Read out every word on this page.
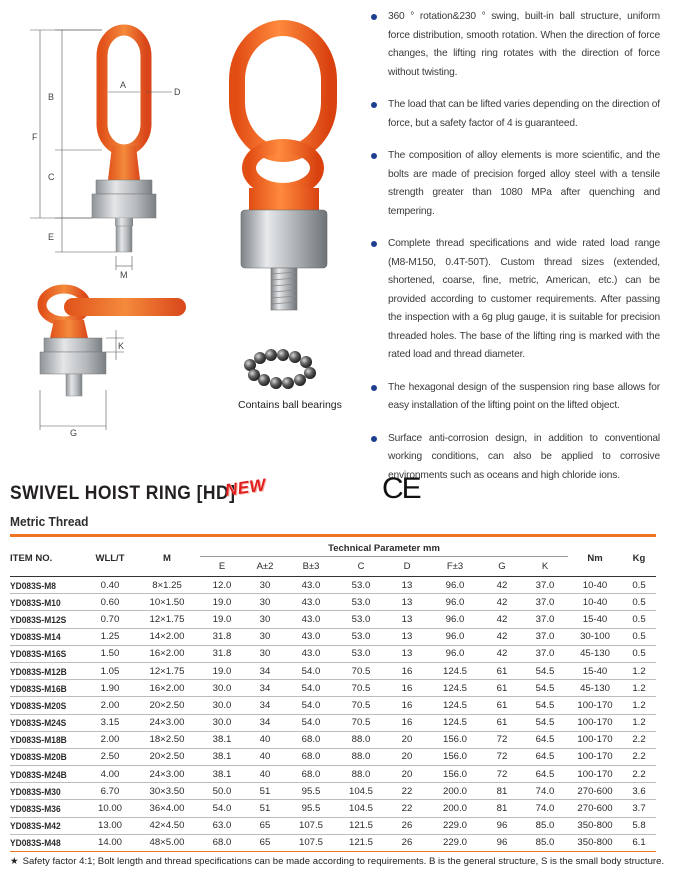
B
C
E
F
A
D
M
K
G
Contains ball bearings
360 ° rotation&230 ° swing, built-in ball structure, uniform force distribution, smooth rotation. When the direction of force changes, the lifting ring rotates with the direction of force without twisting.
The load that can be lifted varies depending on the direction of force, but a safety factor of 4 is guaranteed.
The composition of alloy elements is more scientific, and the bolts are made of precision forged alloy steel with a tensile strength greater than 1080 MPa after quenching and tempering.
Complete thread specifications and wide rated load range (M8-M150, 0.4T-50T). Custom thread sizes (extended, shortened, coarse, fine, metric, American, etc.) can be provided according to customer requirements. After passing the inspection with a 6g plug gauge, it is suitable for precision threaded holes. The base of the lifting ring is marked with the rated load and thread diameter.
The hexagonal design of the suspension ring base allows for easy installation of the lifting point on the lifted object.
Surface anti-corrosion design, in addition to conventional working conditions, can also be applied to corrosive environments such as oceans and high chloride ions.
SWIVEL HOIST RING [HD]
NEW	CE
Metric Thread
ITEM NO.	WLL/T	M	Technical Parameter mm								Nm	Kg
			E	A±2	B±3	C	D	F±3	G	K		
YD083S-M8	0.40	8×1.25	12.0	30	43.0	53.0	13	96.0	42	37.0	10-40	0.5
YD083S-M10	0.60	10×1.50	19.0	30	43.0	53.0	13	96.0	42	37.0	10-40	0.5
YD083S-M12S	0.70	12×1.75	19.0	30	43.0	53.0	13	96.0	42	37.0	15-40	0.5
YD083S-M14	1.25	14×2.00	31.8	30	43.0	53.0	13	96.0	42	37.0	30-100	0.5
YD083S-M16S	1.50	16×2.00	31.8	30	43.0	53.0	13	96.0	42	37.0	45-130	0.5
YD083S-M12B	1.05	12×1.75	19.0	34	54.0	70.5	16	124.5	61	54.5	15-40	1.2
YD083S-M16B	1.90	16×2.00	30.0	34	54.0	70.5	16	124.5	61	54.5	45-130	1.2
YD083S-M20S	2.00	20×2.50	30.0	34	54.0	70.5	16	124.5	61	54.5	100-170	1.2
YD083S-M24S	3.15	24×3.00	30.0	34	54.0	70.5	16	124.5	61	54.5	100-170	1.2
YD083S-M18B	2.00	18×2.50	38.1	40	68.0	88.0	20	156.0	72	64.5	100-170	2.2
YD083S-M20B	2.50	20×2.50	38.1	40	68.0	88.0	20	156.0	72	64.5	100-170	2.2
YD083S-M24B	4.00	24×3.00	38.1	40	68.0	88.0	20	156.0	72	64.5	100-170	2.2
YD083S-M30	6.70	30×3.50	50.0	51	95.5	104.5	22	200.0	81	74.0	270-600	3.6
YD083S-M36	10.00	36×4.00	54.0	51	95.5	104.5	22	200.0	81	74.0	270-600	3.7
YD083S-M42	13.00	42×4.50	63.0	65	107.5	121.5	26	229.0	96	85.0	350-800	5.8
YD083S-M48	14.00	48×5.00	68.0	65	107.5	121.5	26	229.0	96	85.0	350-800	6.1
★ Safety factor 4:1; Bolt length and thread specifications can be made according to requirements. B is the general structure, S is the small body structure.
